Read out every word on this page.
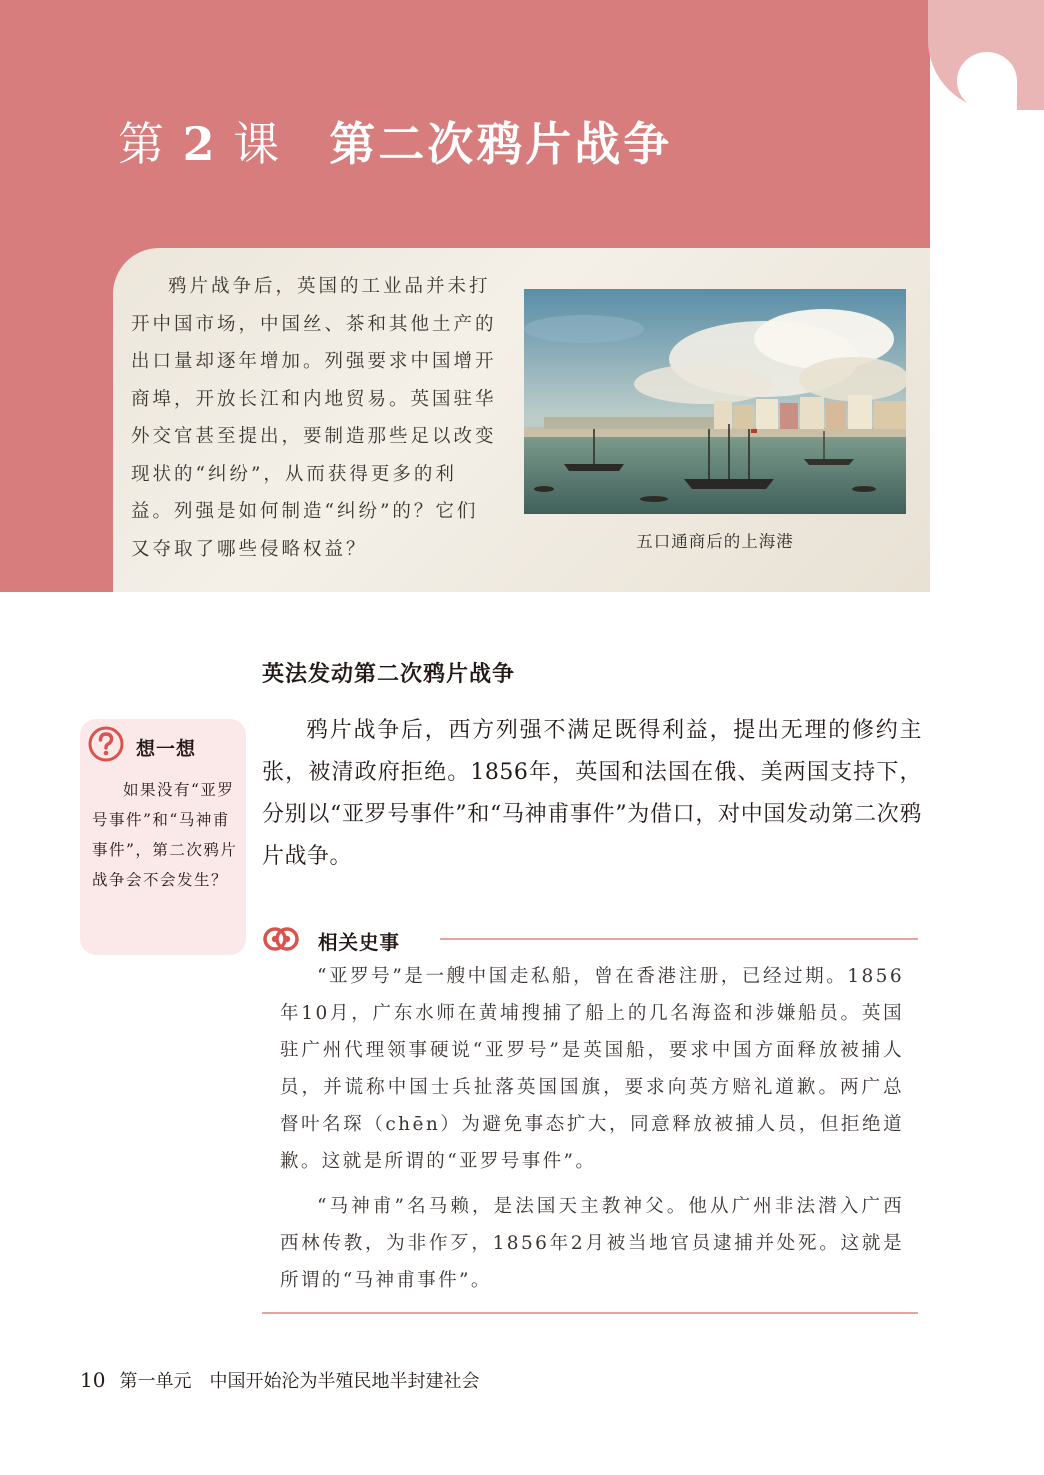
第 2 课 第二次鸦片战争

鸦片战争后，英国的工业品并未打开中国市场，中国丝、茶和其他土产的出口量却逐年增加。列强要求中国增开商埠，开放长江和内地贸易。英国驻华外交官甚至提出，要制造那些足以改变现状的“纠纷”，从而获得更多的利益。列强是如何制造“纠纷”的？它们又夺取了哪些侵略权益？	五口通商后的上海港
英法发动第二次鸦片战争

鸦片战争后，西方列强不满足既得利益，提出无理的修约主张，被清政府拒绝。1856年，英国和法国在俄、美两国支持下，分别以“亚罗号事件”和“马神甫事件”为借口，对中国发动第二次鸦片战争。

想一想

如果没有“亚罗号事件”和“马神甫事件”，第二次鸦片战争会不会发生？

相关史事

“亚罗号”是一艘中国走私船，曾在香港注册，已经过期。1856年10月，广东水师在黄埔搜捕了船上的几名海盗和涉嫌船员。英国驻广州代理领事硬说“亚罗号”是英国船，要求中国方面释放被捕人员，并谎称中国士兵扯落英国国旗，要求向英方赔礼道歉。两广总督叶名琛（chēn）为避免事态扩大，同意释放被捕人员，但拒绝道歉。这就是所谓的“亚罗号事件”。

“马神甫”名马赖，是法国天主教神父。他从广州非法潜入广西西林传教，为非作歹，1856年2月被当地官员逮捕并处死。这就是所谓的“马神甫事件”。

10 第一单元 中国开始沦为半殖民地半封建社会
